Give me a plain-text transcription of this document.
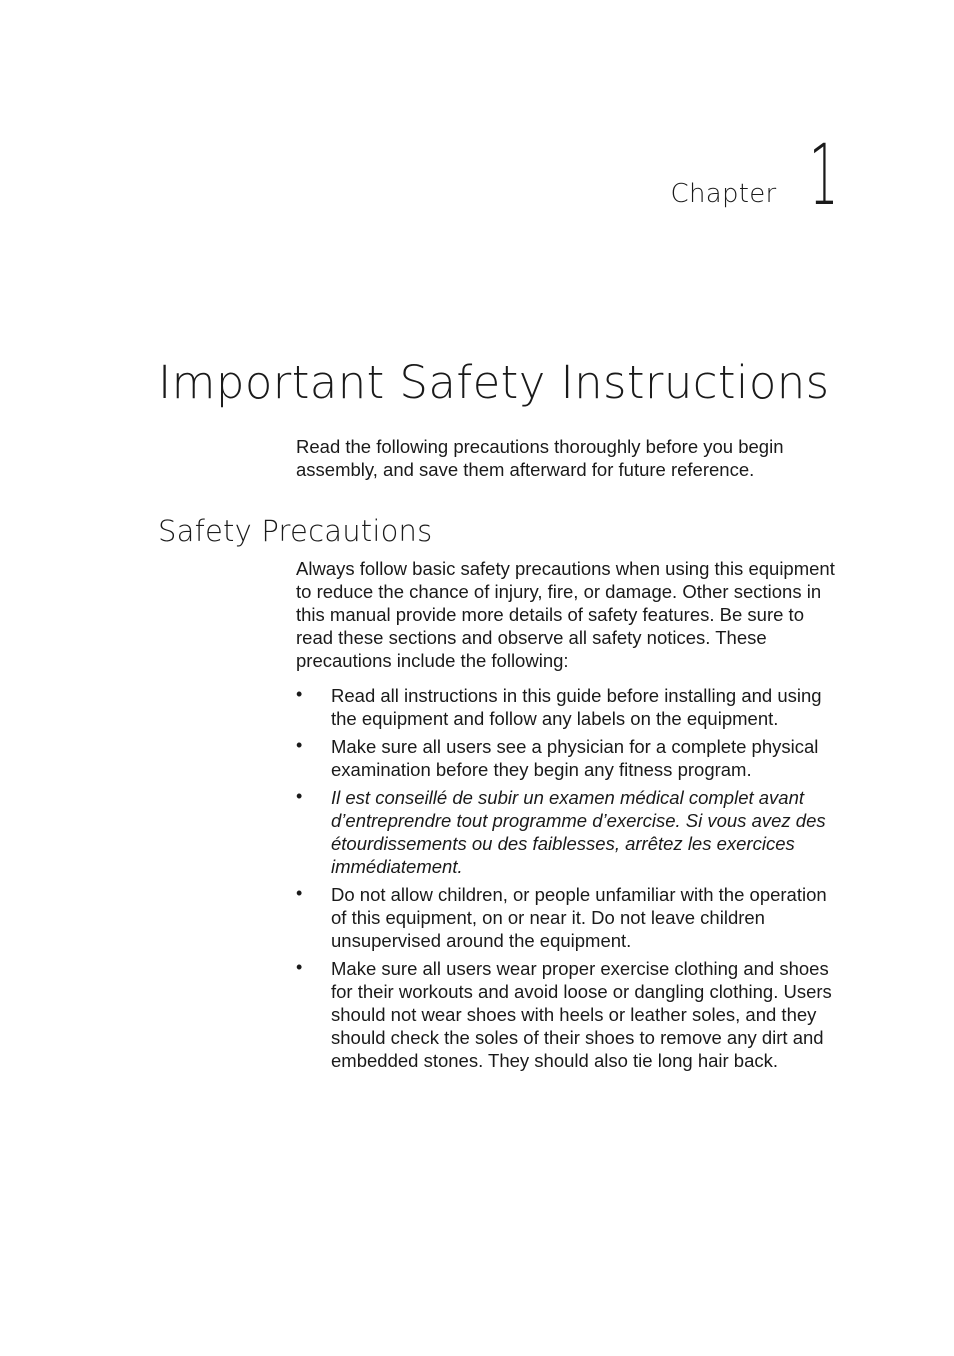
Chapter 1
Important Safety Instructions

Read the following precautions thoroughly before you begin assembly, and save them afterward for future reference.

Safety Precautions

Always follow basic safety precautions when using this equipment to reduce the chance of injury, fire, or damage. Other sections in this manual provide more details of safety features. Be sure to read these sections and observe all safety notices. These precautions include the following:

• Read all instructions in this guide before installing and using the equipment and follow any labels on the equipment.
• Make sure all users see a physician for a complete physical examination before they begin any fitness program.
• Il est conseillé de subir un examen médical complet avant d’entreprendre tout programme d’exercise. Si vous avez des étourdissements ou des faiblesses, arrêtez les exercices immédiatement.
• Do not allow children, or people unfamiliar with the operation of this equipment, on or near it. Do not leave children unsupervised around the equipment.
• Make sure all users wear proper exercise clothing and shoes for their workouts and avoid loose or dangling clothing. Users should not wear shoes with heels or leather soles, and they should check the soles of their shoes to remove any dirt and embedded stones. They should also tie long hair back.
